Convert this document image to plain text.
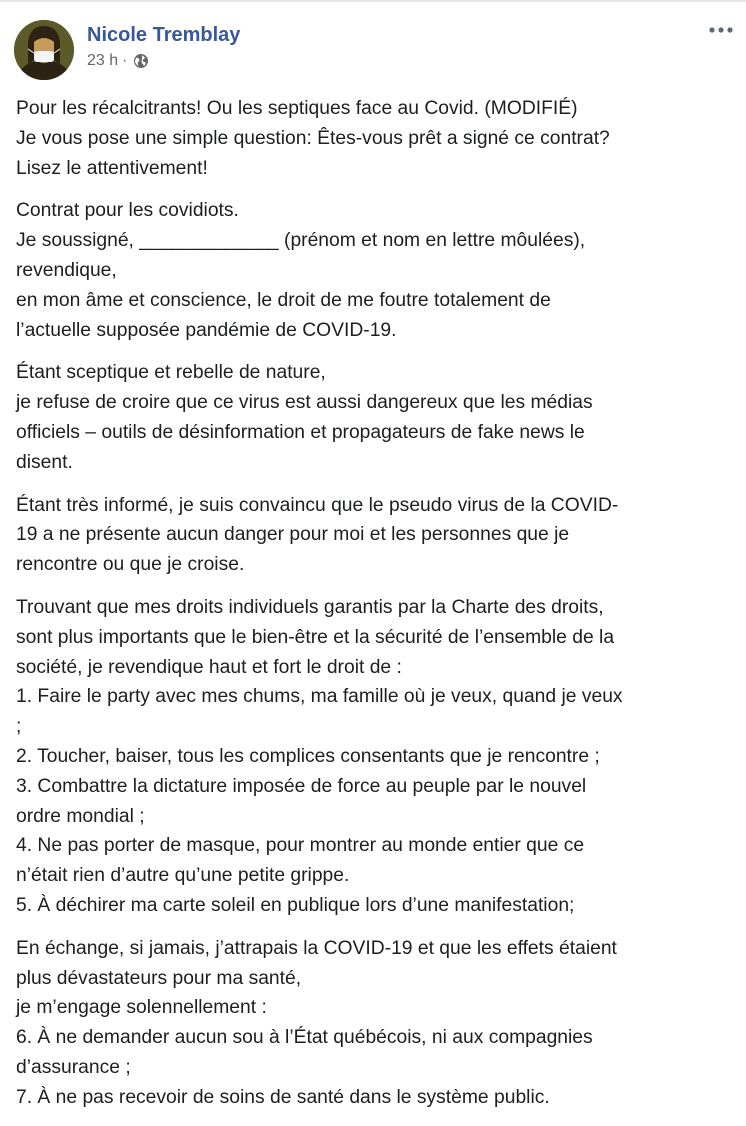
Nicole Tremblay
23 h ·

Pour les récalcitrants! Ou les septiques face au Covid. (MODIFIÉ)
Je vous pose une simple question: Êtes-vous prêt a signé ce contrat?
Lisez le attentivement!

Contrat pour les covidiots.
Je soussigné, _____________ (prénom et nom en lettre môulées),
revendique,
en mon âme et conscience, le droit de me foutre totalement de
l’actuelle supposée pandémie de COVID-19.

Étant sceptique et rebelle de nature,
je refuse de croire que ce virus est aussi dangereux que les médias
officiels – outils de désinformation et propagateurs de fake news le
disent.

Étant très informé, je suis convaincu que le pseudo virus de la COVID-
19 a ne présente aucun danger pour moi et les personnes que je
rencontre ou que je croise.

Trouvant que mes droits individuels garantis par la Charte des droits,
sont plus importants que le bien-être et la sécurité de l’ensemble de la
société, je revendique haut et fort le droit de :
1. Faire le party avec mes chums, ma famille où je veux, quand je veux
;
2. Toucher, baiser, tous les complices consentants que je rencontre ;
3. Combattre la dictature imposée de force au peuple par le nouvel
ordre mondial ;
4. Ne pas porter de masque, pour montrer au monde entier que ce
n’était rien d’autre qu’une petite grippe.
5. À déchirer ma carte soleil en publique lors d’une manifestation;

En échange, si jamais, j’attrapais la COVID-19 et que les effets étaient
plus dévastateurs pour ma santé,
je m’engage solennellement :
6. À ne demander aucun sou à l’État québécois, ni aux compagnies
d’assurance ;
7. À ne pas recevoir de soins de santé dans le système public.
